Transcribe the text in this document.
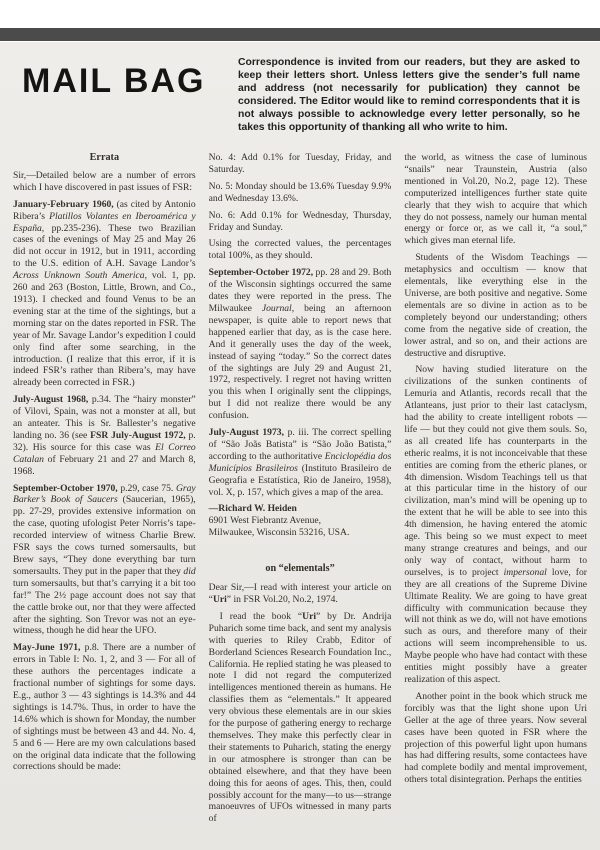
MAIL BAG	Correspondence is invited from our readers, but they are asked to keep their letters short. Unless letters give the sender’s full name and address (not necessarily for publication) they cannot be considered. The Editor would like to remind correspondents that it is not always possible to acknowledge every letter personally, so he takes this opportunity of thanking all who write to him.
Errata

Sir,—Detailed below are a number of errors which I have discovered in past issues of FSR:

January-February 1960, (as cited by Antonio Ribera’s Platillos Volantes en Iberoamérica y España, pp.235-236). These two Brazilian cases of the evenings of May 25 and May 26 did not occur in 1912, but in 1911, according to the U.S. edition of A.H. Savage Landor’s Across Unknown South America, vol. 1, pp. 260 and 263 (Boston, Little, Brown, and Co., 1913). I checked and found Venus to be an evening star at the time of the sightings, but a morning star on the dates reported in FSR. The year of Mr. Savage Landor’s expedition I could only find after some searching, in the introduction. (I realize that this error, if it is indeed FSR’s rather than Ribera’s, may have already been corrected in FSR.)

July-August 1968, p.34. The “hairy monster” of Vilovi, Spain, was not a monster at all, but an anteater. This is Sr. Ballester’s negative landing no. 36 (see FSR July-August 1972, p. 32). His source for this case was El Correo Catalan of February 21 and 27 and March 8, 1968.

September-October 1970, p.29, case 75. Gray Barker’s Book of Saucers (Saucerian, 1965), pp. 27-29, provides extensive information on the case, quoting ufologist Peter Norris’s tape-recorded interview of witness Charlie Brew. FSR says the cows turned somersaults, but Brew says, “They done everything bar turn somersaults. They put in the paper that they did turn somersaults, but that’s carrying it a bit too far!” The 2½ page account does not say that the cattle broke out, nor that they were affected after the sighting. Son Trevor was not an eye-witness, though he did hear the UFO.

May-June 1971, p.8. There are a number of errors in Table I: No. 1, 2, and 3 — For all of these authors the percentages indicate a fractional number of sightings for some days. E.g., author 3 — 43 sightings is 14.3% and 44 sightings is 14.7%. Thus, in order to have the 14.6% which is shown for Monday, the number of sightings must be between 43 and 44. No. 4, 5 and 6 — Here are my own calculations based on the original data indicate that the following corrections should be made:

No. 4: Add 0.1% for Tuesday, Friday, and Saturday.

No. 5: Monday should be 13.6% Tuesday 9.9% and Wednesday 13.6%.

No. 6: Add 0.1% for Wednesday, Thursday, Friday and Sunday.

Using the corrected values, the percentages total 100%, as they should.

September-October 1972, pp. 28 and 29. Both of the Wisconsin sightings occurred the same dates they were reported in the press. The Milwaukee Journal, being an afternoon newspaper, is quite able to report news that happened earlier that day, as is the case here. And it generally uses the day of the week, instead of saying “today.” So the correct dates of the sightings are July 29 and August 21, 1972, respectively. I regret not having written you this when I originally sent the clippings, but I did not realize there would be any confusion.

July-August 1973, p. iii. The correct spelling of “São Joãs Batista” is “São João Batista,” according to the authoritative Enciclopédia dos Municípios Brasileiros (Instituto Brasileiro de Geografia e Estatística, Rio de Janeiro, 1958), vol. X, p. 157, which gives a map of the area.

—Richard W. Heiden
6901 West Fiebrantz Avenue,
Milwaukee, Wisconsin 53216, USA.
on “elementals”

Dear Sir,—I read with interest your article on “Uri” in FSR Vol.20, No.2, 1974.

I read the book “Uri” by Dr. Andrija Puharich some time back, and sent my analysis with queries to Riley Crabb, Editor of Borderland Sciences Research Foundation Inc., California. He replied stating he was pleased to note I did not regard the computerized intelligences mentioned therein as humans. He classifies them as “elementals.” It appeared very obvious these elementals are in our skies for the purpose of gathering energy to recharge themselves. They make this perfectly clear in their statements to Puharich, stating the energy in our atmosphere is stronger than can be obtained elsewhere, and that they have been doing this for aeons of ages. This, then, could possibly account for the many—to us—strange manoeuvres of UFOs witnessed in many parts of

the world, as witness the case of luminous “snails” near Traunstein, Austria (also mentioned in Vol.20, No.2, page 12). These computerized intelligences further state quite clearly that they wish to acquire that which they do not possess, namely our human mental energy or force or, as we call it, “a soul,” which gives man eternal life.

Students of the Wisdom Teachings — metaphysics and occultism — know that elementals, like everything else in the Universe, are both positive and negative. Some elementals are so divine in action as to be completely beyond our understanding; others come from the negative side of creation, the lower astral, and so on, and their actions are destructive and disruptive.

Now having studied literature on the civilizations of the sunken continents of Lemuria and Atlantis, records recall that the Atlanteans, just prior to their last cataclysm, had the ability to create intelligent robots — life — but they could not give them souls. So, as all created life has counterparts in the etheric realms, it is not inconceivable that these entities are coming from the etheric planes, or 4th dimension. Wisdom Teachings tell us that at this particular time in the history of our civilization, man’s mind will be opening up to the extent that he will be able to see into this 4th dimension, he having entered the atomic age. This being so we must expect to meet many strange creatures and beings, and our only way of contact, without harm to ourselves, is to project impersonal love, for they are all creations of the Supreme Divine Ultimate Reality. We are going to have great difficulty with communication because they will not think as we do, will not have emotions such as ours, and therefore many of their actions will seem incomprehensible to us. Maybe people who have had contact with these entities might possibly have a greater realization of this aspect.

Another point in the book which struck me forcibly was that the light shone upon Uri Geller at the age of three years. Now several cases have been quoted in FSR where the projection of this powerful light upon humans has had differing results, some contactees have had complete bodily and mental improvement, others total disintegration. Perhaps the entities
